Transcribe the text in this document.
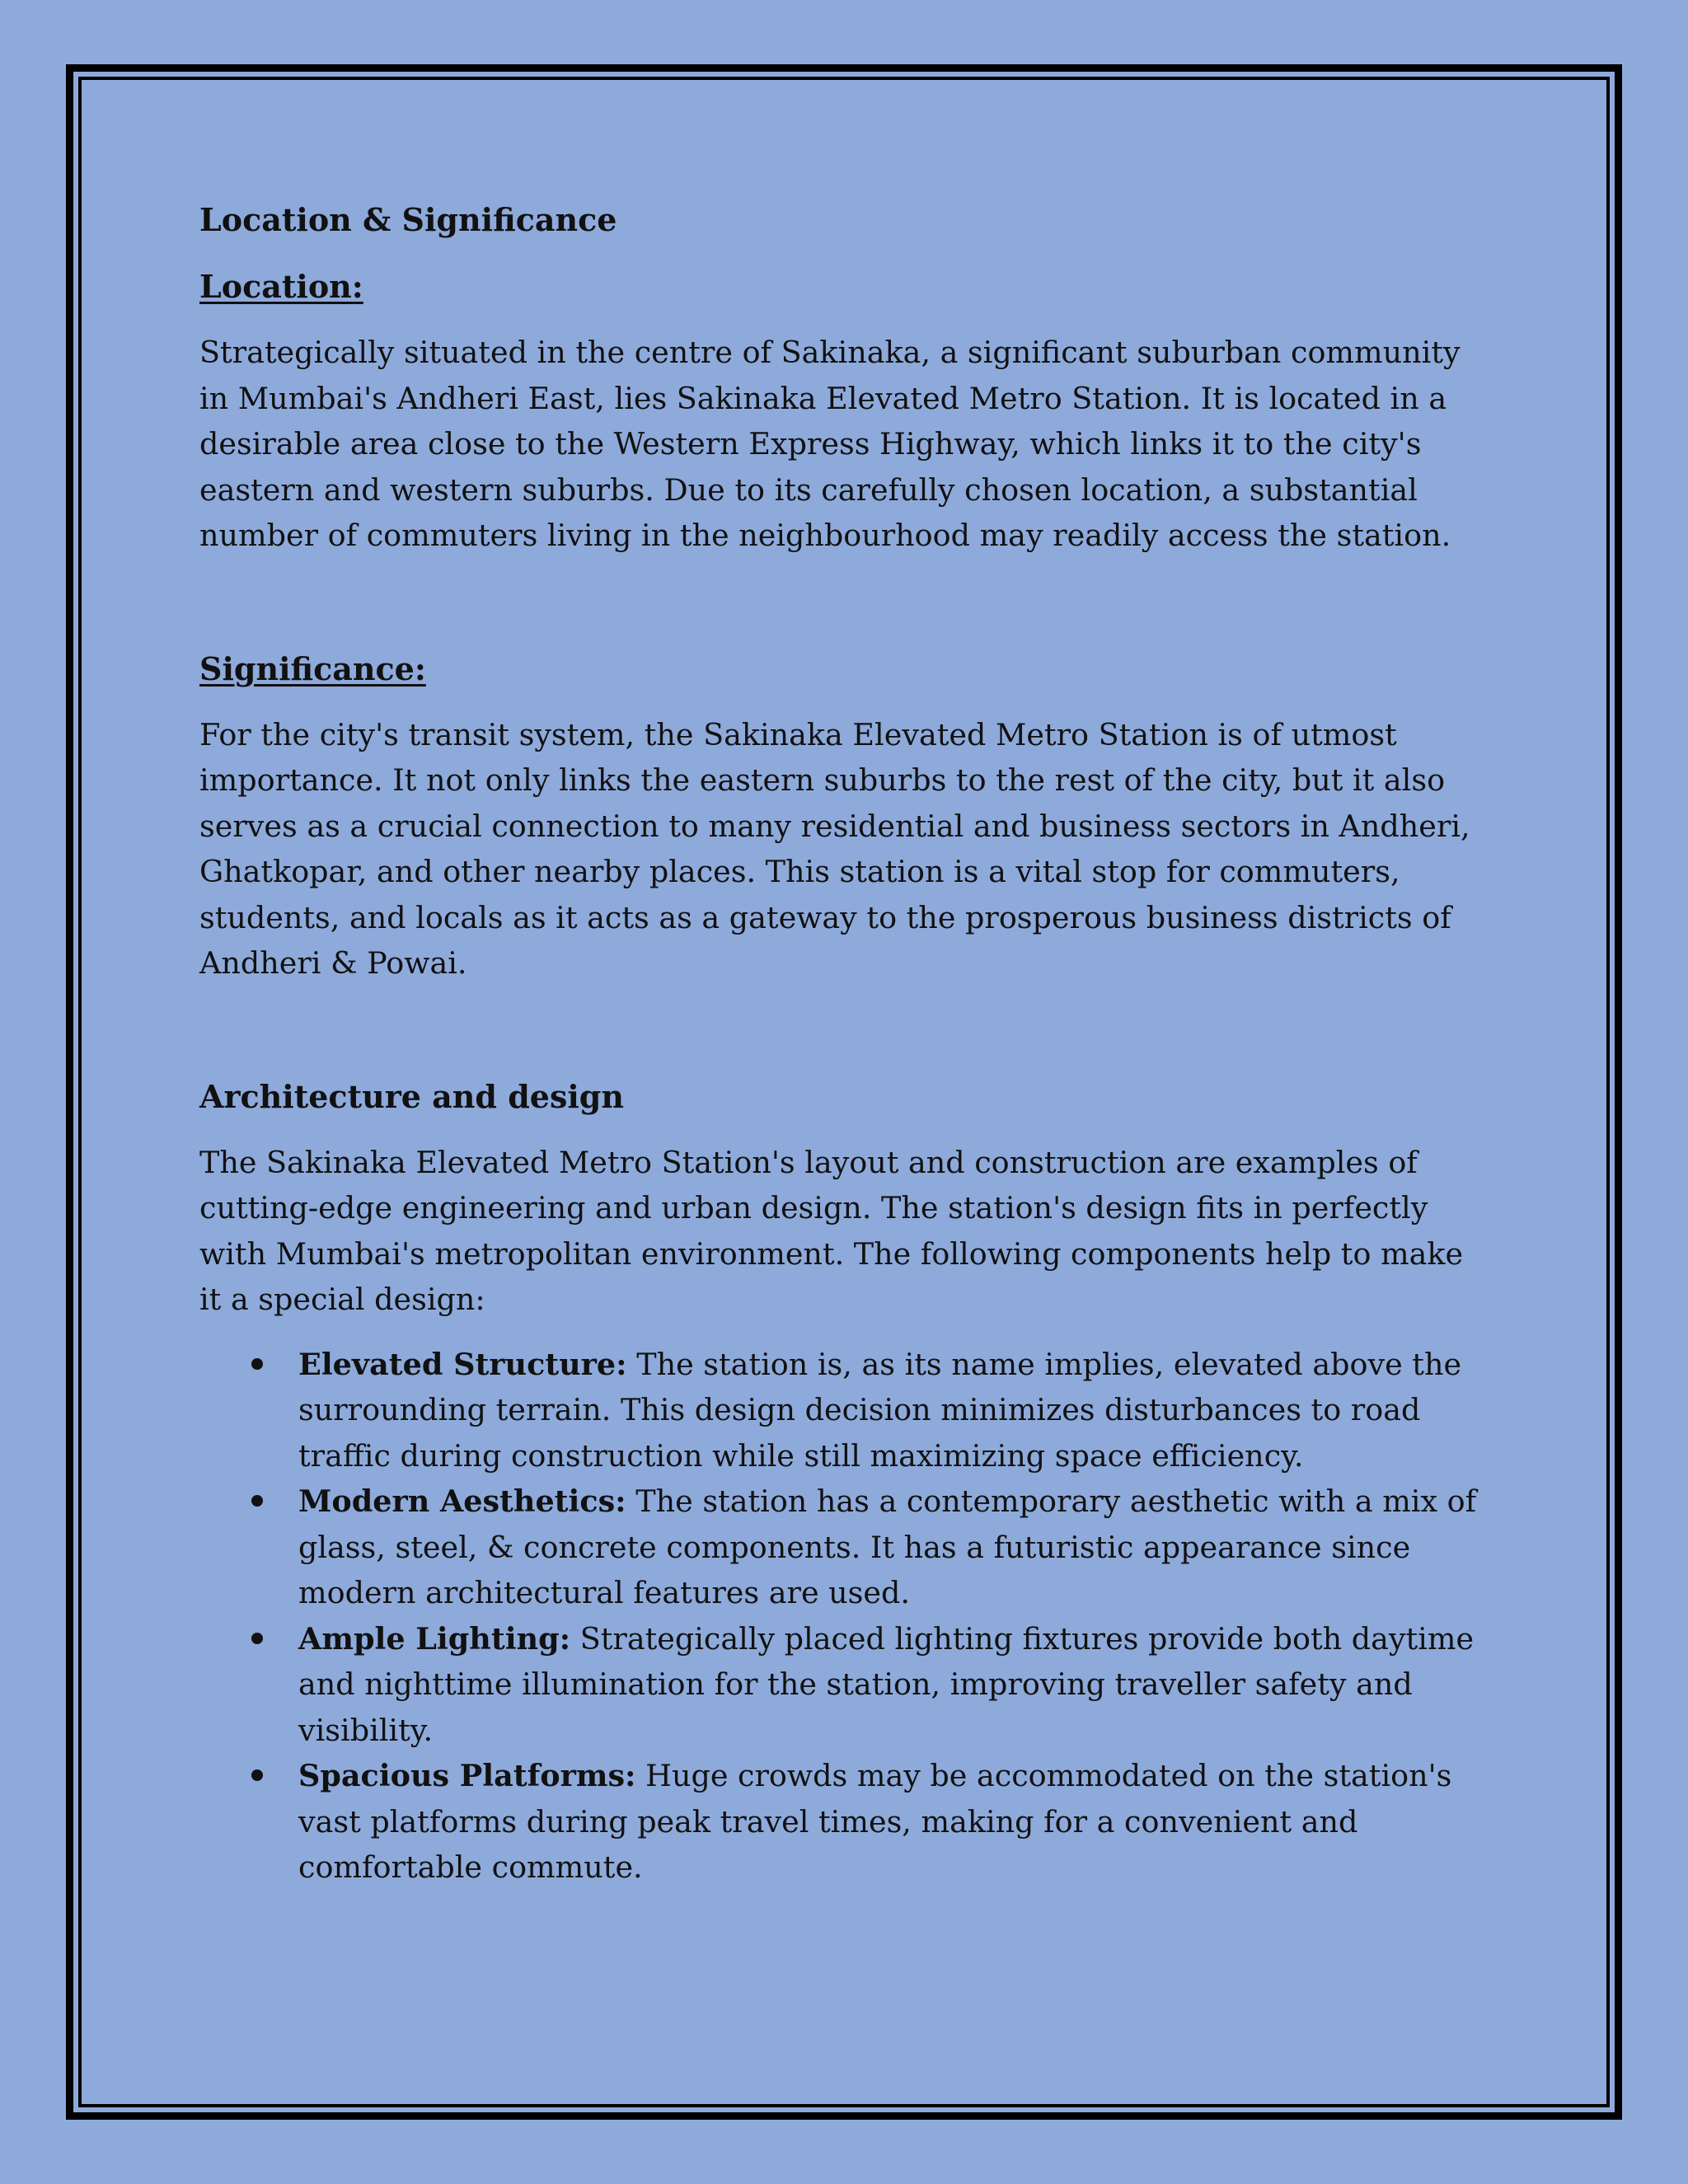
Location & Significance
Location:

Strategically situated in the centre of Sakinaka, a significant suburban community in Mumbai's Andheri East, lies Sakinaka Elevated Metro Station. It is located in a desirable area close to the Western Express Highway, which links it to the city's eastern and western suburbs. Due to its carefully chosen location, a substantial number of commuters living in the neighbourhood may readily access the station.

Significance:

For the city's transit system, the Sakinaka Elevated Metro Station is of utmost importance. It not only links the eastern suburbs to the rest of the city, but it also serves as a crucial connection to many residential and business sectors in Andheri, Ghatkopar, and other nearby places. This station is a vital stop for commuters, students, and locals as it acts as a gateway to the prosperous business districts of Andheri & Powai.

Architecture and design

The Sakinaka Elevated Metro Station's layout and construction are examples of cutting-edge engineering and urban design. The station's design fits in perfectly with Mumbai's metropolitan environment. The following components help to make it a special design:

Elevated Structure: The station is, as its name implies, elevated above the surrounding terrain. This design decision minimizes disturbances to road traffic during construction while still maximizing space efficiency.
Modern Aesthetics: The station has a contemporary aesthetic with a mix of glass, steel, & concrete components. It has a futuristic appearance since modern architectural features are used.
Ample Lighting: Strategically placed lighting fixtures provide both daytime and nighttime illumination for the station, improving traveller safety and visibility.
Spacious Platforms: Huge crowds may be accommodated on the station's vast platforms during peak travel times, making for a convenient and comfortable commute.
